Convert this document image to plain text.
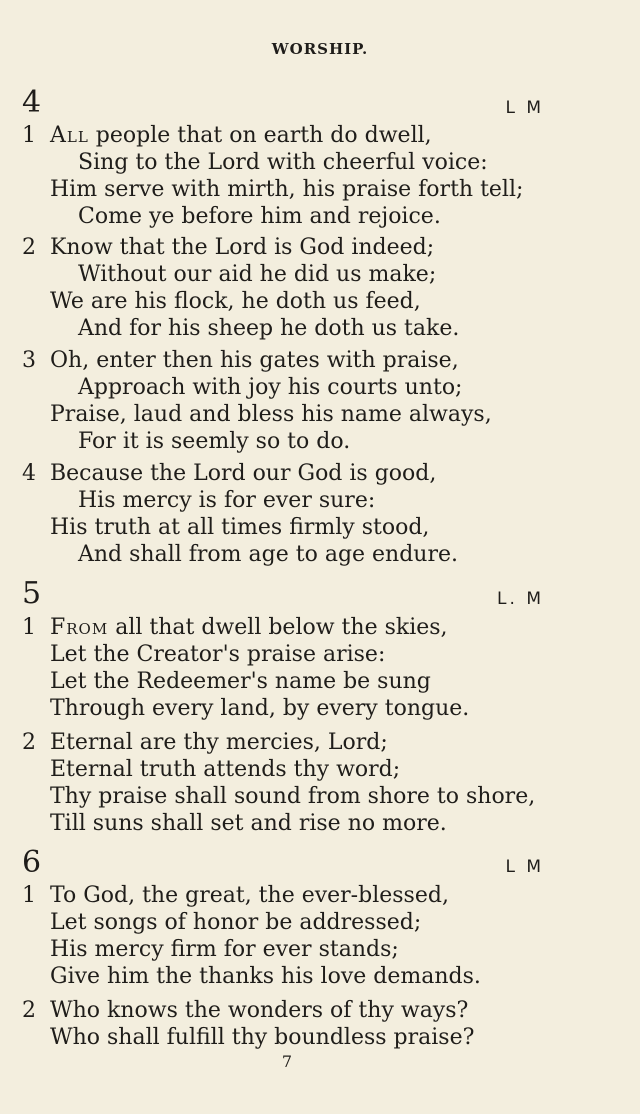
WORSHIP.
4	L M
1 All people that on earth do dwell,
Sing to the Lord with cheerful voice:
Him serve with mirth, his praise forth tell;
Come ye before him and rejoice.
2 Know that the Lord is God indeed;
Without our aid he did us make;
We are his flock, he doth us feed,
And for his sheep he doth us take.
3 Oh, enter then his gates with praise,
Approach with joy his courts unto;
Praise, laud and bless his name always,
For it is seemly so to do.
4 Because the Lord our God is good,
His mercy is for ever sure:
His truth at all times firmly stood,
And shall from age to age endure.
5	L. M
1 From all that dwell below the skies,
Let the Creator's praise arise:
Let the Redeemer's name be sung
Through every land, by every tongue.
2 Eternal are thy mercies, Lord;
Eternal truth attends thy word;
Thy praise shall sound from shore to shore,
Till suns shall set and rise no more.
6	L M
1 To God, the great, the ever-blessed,
Let songs of honor be addressed;
His mercy firm for ever stands;
Give him the thanks his love demands.
2 Who knows the wonders of thy ways?
Who shall fulfill thy boundless praise?
7
